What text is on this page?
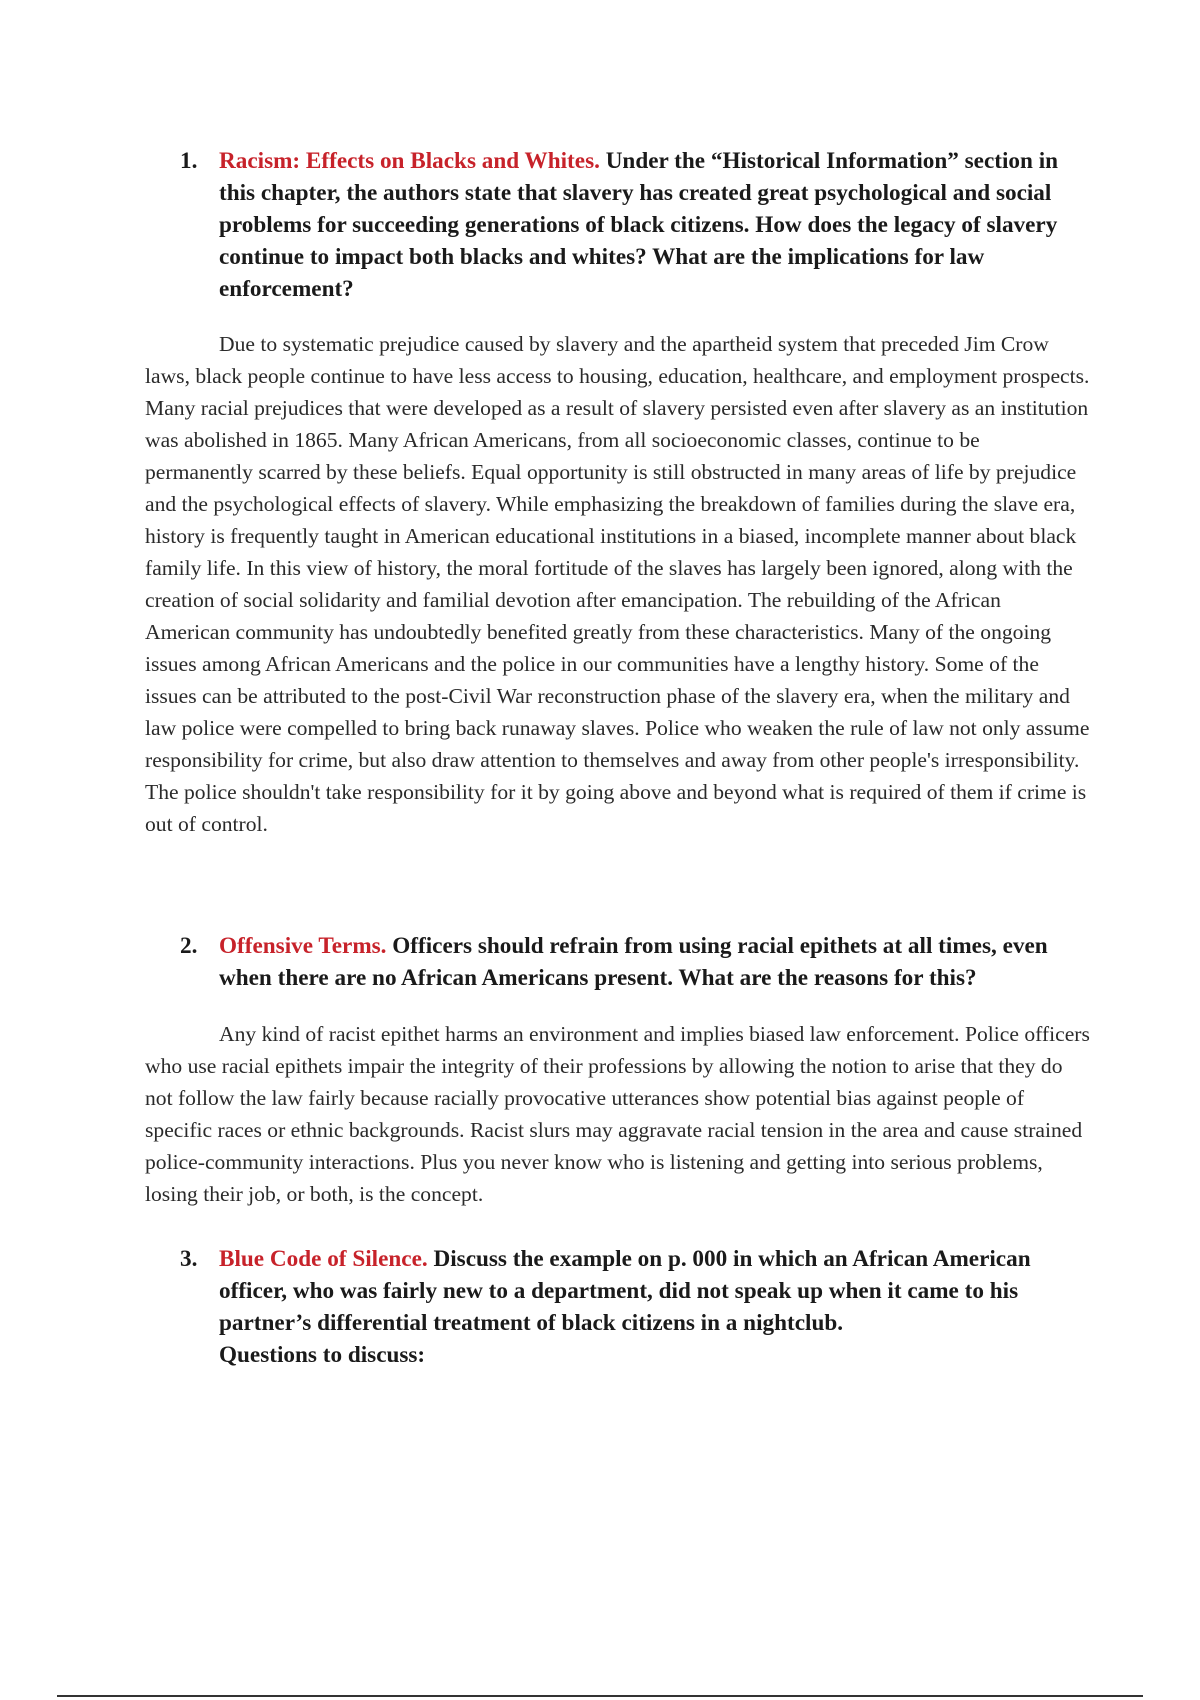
1. Racism: Effects on Blacks and Whites. Under the “Historical Information” section in this chapter, the authors state that slavery has created great psychological and social problems for succeeding generations of black citizens. How does the legacy of slavery continue to impact both blacks and whites? What are the implications for law enforcement?

Due to systematic prejudice caused by slavery and the apartheid system that preceded Jim Crow laws, black people continue to have less access to housing, education, healthcare, and employment prospects. Many racial prejudices that were developed as a result of slavery persisted even after slavery as an institution was abolished in 1865. Many African Americans, from all socioeconomic classes, continue to be permanently scarred by these beliefs. Equal opportunity is still obstructed in many areas of life by prejudice and the psychological effects of slavery. While emphasizing the breakdown of families during the slave era, history is frequently taught in American educational institutions in a biased, incomplete manner about black family life. In this view of history, the moral fortitude of the slaves has largely been ignored, along with the creation of social solidarity and familial devotion after emancipation. The rebuilding of the African American community has undoubtedly benefited greatly from these characteristics. Many of the ongoing issues among African Americans and the police in our communities have a lengthy history. Some of the issues can be attributed to the post-Civil War reconstruction phase of the slavery era, when the military and law police were compelled to bring back runaway slaves. Police who weaken the rule of law not only assume responsibility for crime, but also draw attention to themselves and away from other people's irresponsibility. The police shouldn't take responsibility for it by going above and beyond what is required of them if crime is out of control.

2. Offensive Terms. Officers should refrain from using racial epithets at all times, even when there are no African Americans present. What are the reasons for this?

Any kind of racist epithet harms an environment and implies biased law enforcement. Police officers who use racial epithets impair the integrity of their professions by allowing the notion to arise that they do not follow the law fairly because racially provocative utterances show potential bias against people of specific races or ethnic backgrounds. Racist slurs may aggravate racial tension in the area and cause strained police-community interactions. Plus you never know who is listening and getting into serious problems, losing their job, or both, is the concept.

3. Blue Code of Silence. Discuss the example on p. 000 in which an African American officer, who was fairly new to a department, did not speak up when it came to his partner’s differential treatment of black citizens in a nightclub.
Questions to discuss:
